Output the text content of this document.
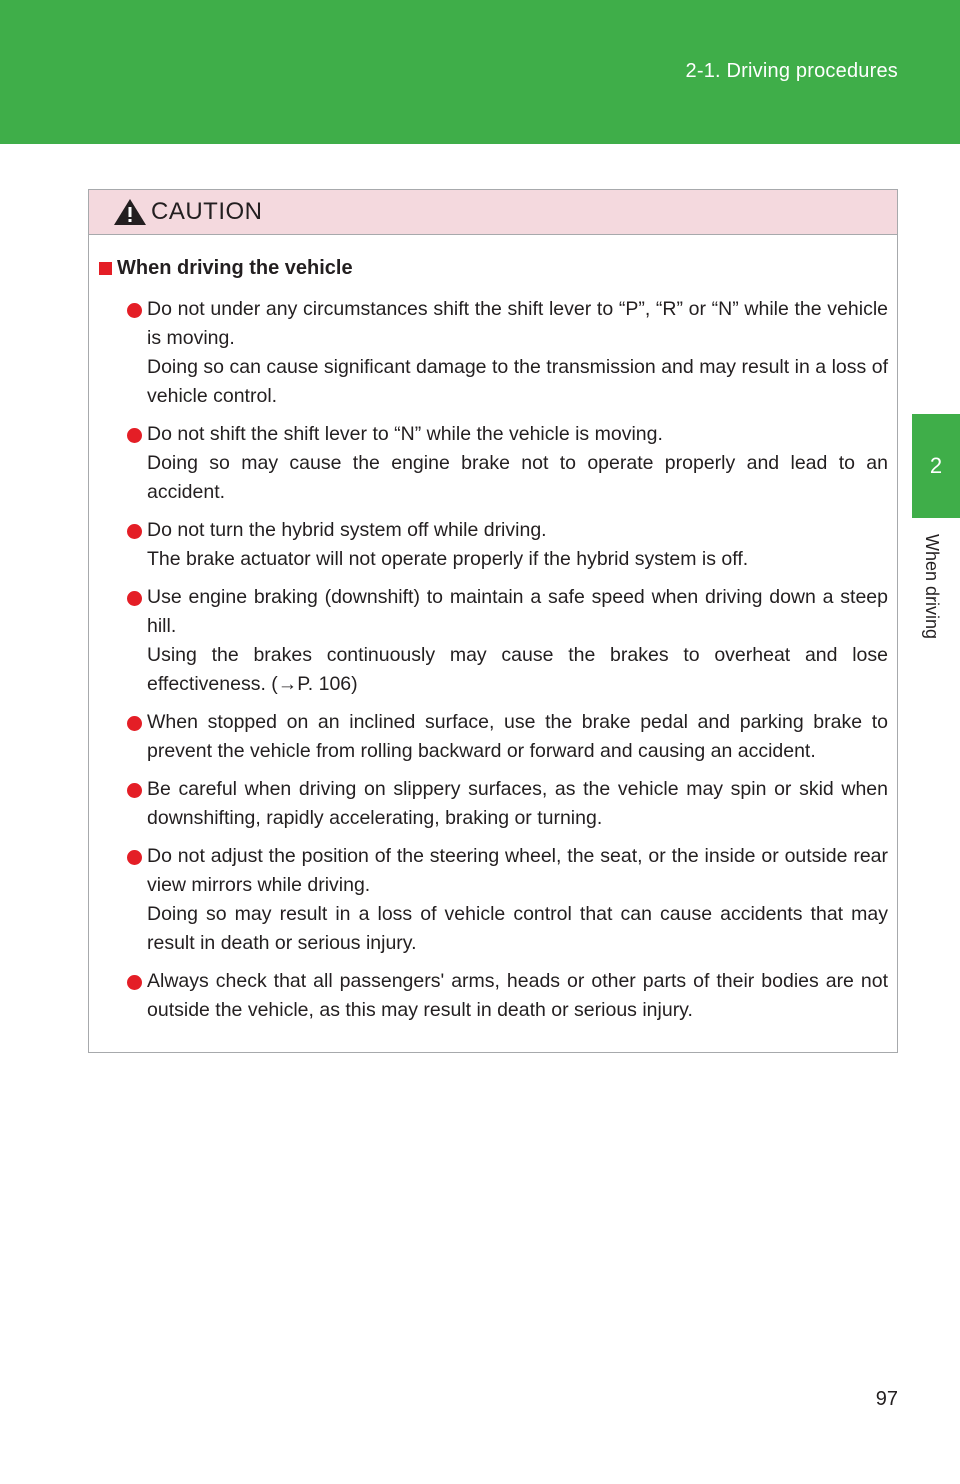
2-1. Driving procedures
2
When driving
CAUTION
When driving the vehicle

Do not under any circumstances shift the shift lever to “P”, “R” or “N” while the vehicle is moving.

Doing so can cause significant damage to the transmission and may result in a loss of vehicle control.

Do not shift the shift lever to “N” while the vehicle is moving.

Doing so may cause the engine brake not to operate properly and lead to an accident.

Do not turn the hybrid system off while driving.

The brake actuator will not operate properly if the hybrid system is off.

Use engine braking (downshift) to maintain a safe speed when driving down a steep hill.

Using the brakes continuously may cause the brakes to overheat and lose effectiveness. (→P. 106)

When stopped on an inclined surface, use the brake pedal and parking brake to prevent the vehicle from rolling backward or forward and causing an accident.

Be careful when driving on slippery surfaces, as the vehicle may spin or skid when downshifting, rapidly accelerating, braking or turning.

Do not adjust the position of the steering wheel, the seat, or the inside or outside rear view mirrors while driving.

Doing so may result in a loss of vehicle control that can cause accidents that may result in death or serious injury.

Always check that all passengers' arms, heads or other parts of their bodies are not outside the vehicle, as this may result in death or serious injury.

97
